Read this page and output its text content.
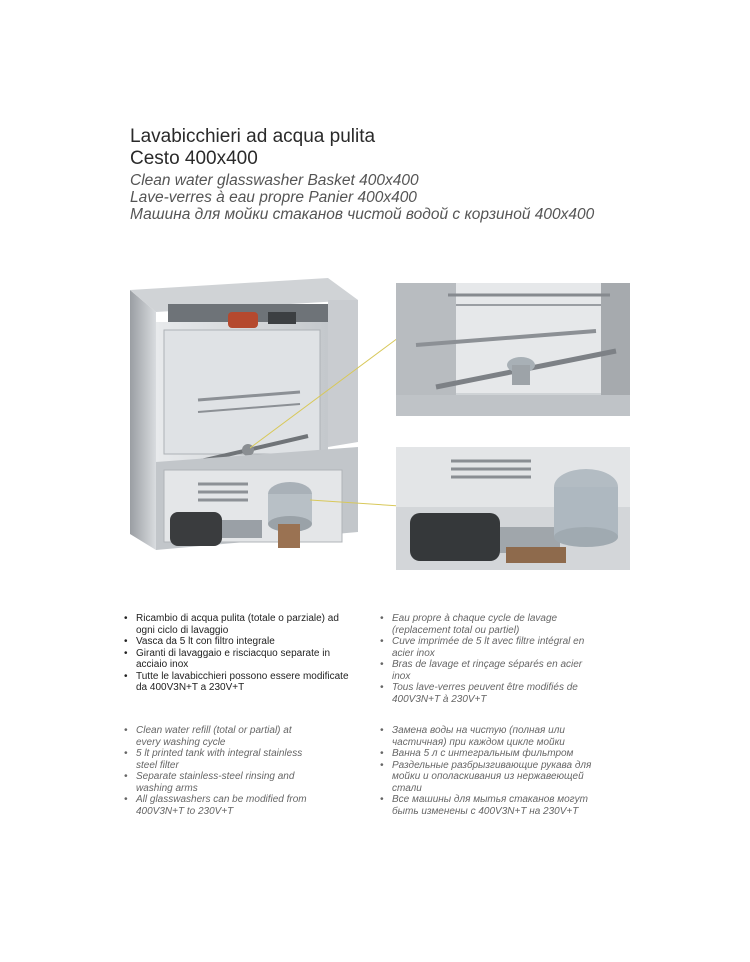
Lavabicchieri ad acqua pulita

Cesto 400x400

Clean water glasswasher Basket 400x400

Lave-verres à eau propre Panier 400x400

Машина для мойки стаканов чистой водой с корзиной 400x400

• Ricambio di acqua pulita (totale o parziale) ad ogni ciclo di lavaggio
• Vasca da 5 lt con filtro integrale
• Giranti di lavaggaio e risciacquo separate in acciaio inox
• Tutte le lavabicchieri possono essere modificate da 400V3N+T a 230V+T
• Eau propre à chaque cycle de lavage (replacement total ou partiel)
• Cuve imprimée de 5 lt avec filtre intégral en acier inox
• Bras de lavage et rinçage séparés en acier inox
• Tous lave-verres peuvent être modifiés de 400V3N+T à 230V+T
• Clean water refill (total or partial) at every washing cycle
• 5 lt printed tank with integral stainless steel filter
• Separate stainless-steel rinsing and washing arms
• All glasswashers can be modified from 400V3N+T to 230V+T
• Замена воды на чистую (полная или частичная) при каждом цикле мойки
• Ванна 5 л с интегральным фильтром
• Раздельные разбрызгивающие рукава для мойки и ополаскивания из нержавеющей стали
• Все машины для мытья стаканов могут быть изменены с 400V3N+T на 230V+T
